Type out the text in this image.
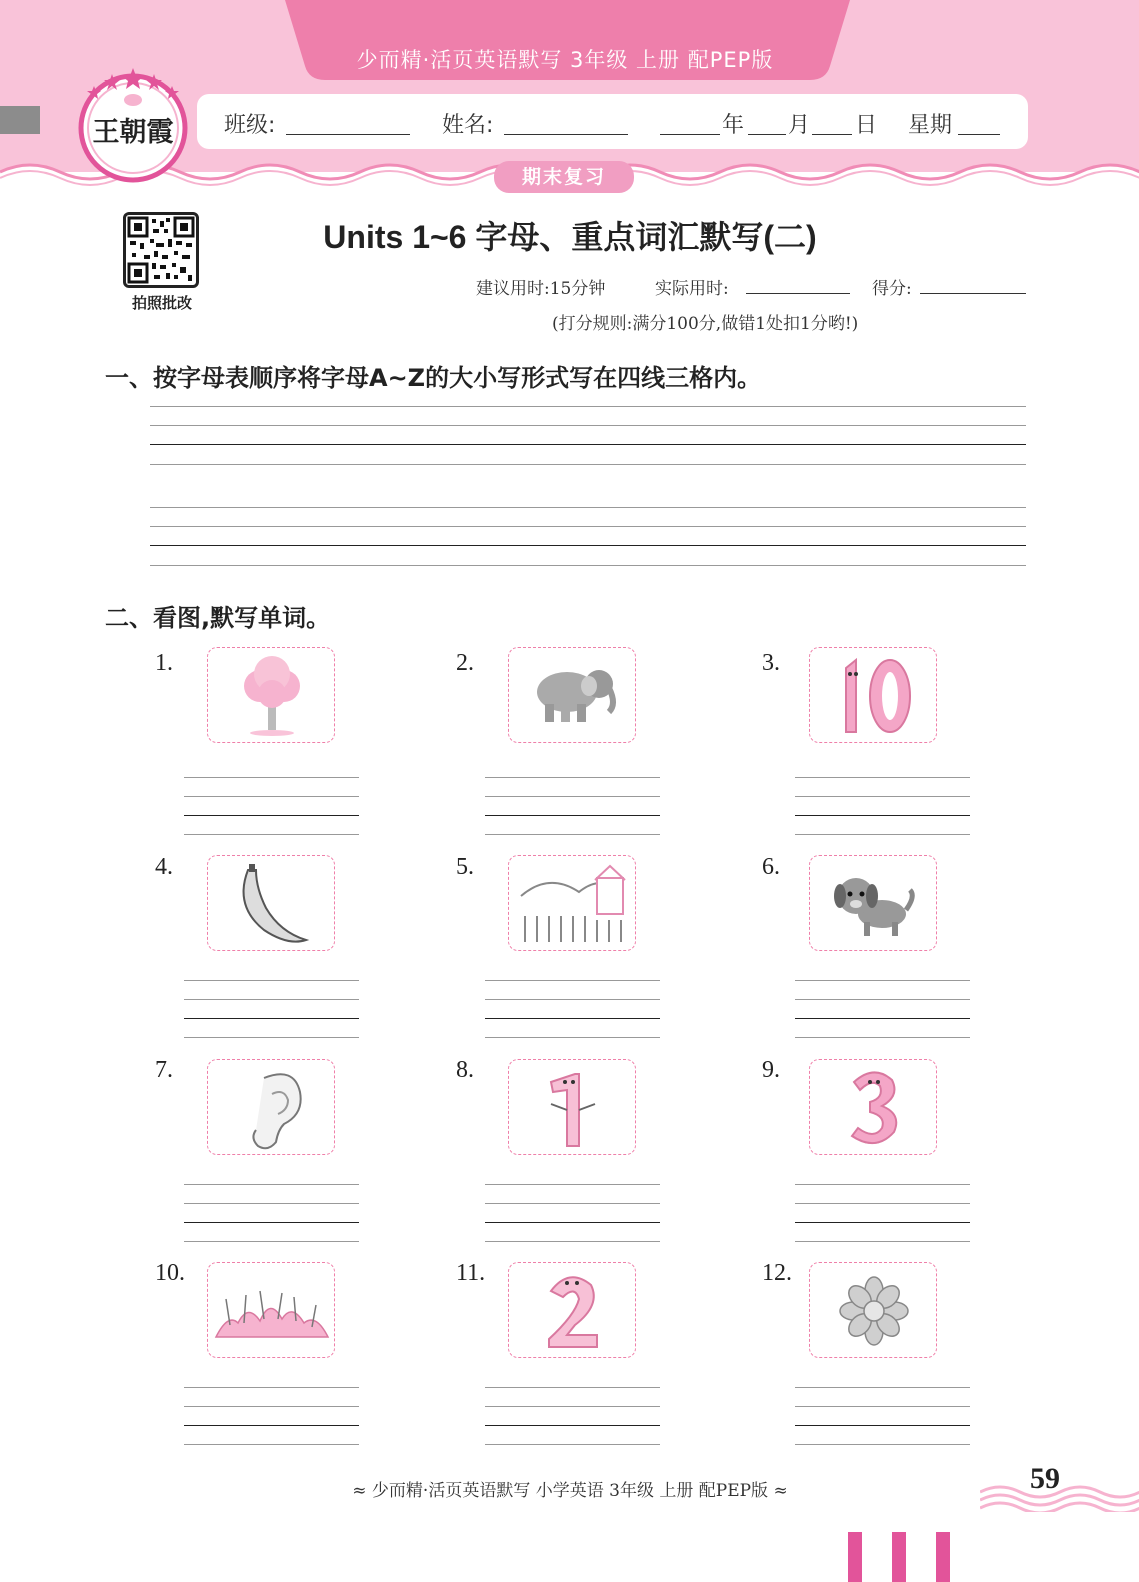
少而精·活页英语默写 3年级 上册 配PEP版
王朝霞	班级:	姓名:	年 月 日 星期
期末复习
拍照批改
Units 1~6 字母、重点词汇默写(二)
建议用时:15分钟	实际用时:	得分:
(打分规则:满分100分,做错1处扣1分哟!)
一、按字母表顺序将字母A~Z的大小写形式写在四线三格内。
二、看图,默写单词。
1.	2.	3.
4.	5.	6.
7.	8.	9.
10.	11.	12.
≈ 少而精·活页英语默写 小学英语 3年级 上册 配PEP版 ≈	59
